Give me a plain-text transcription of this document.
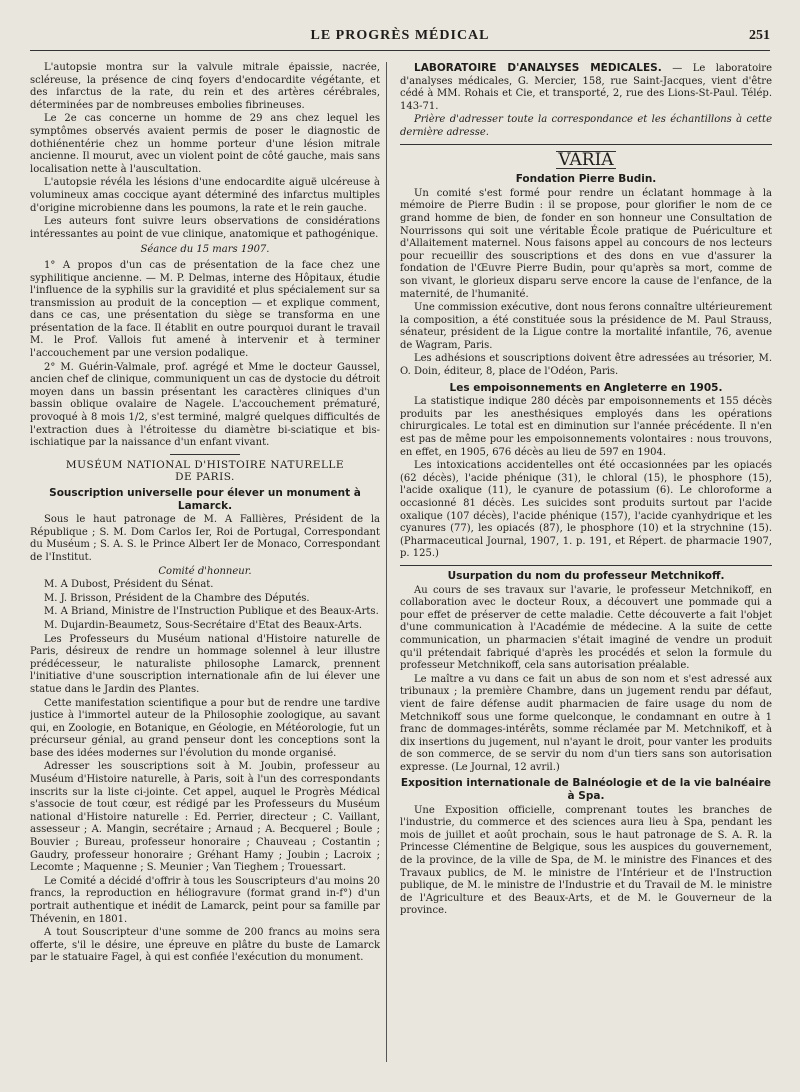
LE PROGRÈS MÉDICAL	251

L'autopsie montra sur la valvule mitrale épaissie, nacrée, scléreuse, la présence de cinq foyers d'endocardite végétante, et des infarctus de la rate, du rein et des artères cérébrales, déterminées par de nombreuses embolies fibrineuses.

Le 2e cas concerne un homme de 29 ans chez lequel les symptômes observés avaient permis de poser le diagnostic de dothiénentérie chez un homme porteur d'une lésion mitrale ancienne. Il mourut, avec un violent point de côté gauche, mais sans localisation nette à l'auscultation.

L'autopsie révéla les lésions d'une endocardite aiguë ulcéreuse à volumineux amas coccique ayant déterminé des infarctus multiples d'origine microbienne dans les poumons, la rate et le rein gauche.

Les auteurs font suivre leurs observations de considérations intéressantes au point de vue clinique, anatomique et pathogénique.

Séance du 15 mars 1907.

1° A propos d'un cas de présentation de la face chez une syphilitique ancienne. — M. P. Delmas, interne des Hôpitaux, étudie l'influence de la syphilis sur la gravidité et plus spécialement sur sa transmission au produit de la conception — et explique comment, dans ce cas, une présentation du siège se transforma en une présentation de la face. Il établit en outre pourquoi durant le travail M. le Prof. Vallois fut amené à intervenir et à terminer l'accouchement par une version podalique.

2° M. Guérin-Valmale, prof. agrégé et Mme le docteur Gaussel, ancien chef de clinique, communiquent un cas de dystocie du détroit moyen dans un bassin présentant les caractères cliniques d'un bassin oblique ovalaire de Nagele. L'accouchement prématuré, provoqué à 8 mois 1/2, s'est terminé, malgré quelques difficultés de l'extraction dues à l'étroitesse du diamètre bi-sciatique et bis-ischiatique par la naissance d'un enfant vivant.

MUSÉUM NATIONAL D'HISTOIRE NATURELLE
DE PARIS.
Souscription universelle pour élever un monument à Lamarck.

Sous le haut patronage de M. A Fallières, Président de la République ; S. M. Dom Carlos Ier, Roi de Portugal, Correspondant du Muséum ; S. A. S. le Prince Albert Ier de Monaco, Correspondant de l'Institut.

Comité d'honneur.

M. A Dubost, Président du Sénat.

M. J. Brisson, Président de la Chambre des Députés.

M. A Briand, Ministre de l'Instruction Publique et des Beaux-Arts.

M. Dujardin-Beaumetz, Sous-Secrétaire d'Etat des Beaux-Arts.

Les Professeurs du Muséum national d'Histoire naturelle de Paris, désireux de rendre un hommage solennel à leur illustre prédécesseur, le naturaliste philosophe Lamarck, prennent l'initiative d'une souscription internationale afin de lui élever une statue dans le Jardin des Plantes.

Cette manifestation scientifique a pour but de rendre une tardive justice à l'immortel auteur de la Philosophie zoologique, au savant qui, en Zoologie, en Botanique, en Géologie, en Météorologie, fut un précurseur génial, au grand penseur dont les conceptions sont la base des idées modernes sur l'évolution du monde organisé.

Adresser les souscriptions soit à M. Joubin, professeur au Muséum d'Histoire naturelle, à Paris, soit à l'un des correspondants inscrits sur la liste ci-jointe. Cet appel, auquel le Progrès Médical s'associe de tout cœur, est rédigé par les Professeurs du Muséum national d'Histoire naturelle : Ed. Perrier, directeur ; C. Vaillant, assesseur ; A. Mangin, secrétaire ; Arnaud ; A. Becquerel ; Boule ; Bouvier ; Bureau, professeur honoraire ; Chauveau ; Costantin ; Gaudry, professeur honoraire ; Gréhant Hamy ; Joubin ; Lacroix ; Lecomte ; Maquenne ; S. Meunier ; Van Tieghem ; Trouessart.

Le Comité a décidé d'offrir à tous les Souscripteurs d'au moins 20 francs, la reproduction en héliogravure (format grand in-f°) d'un portrait authentique et inédit de Lamarck, peint pour sa famille par Thévenin, en 1801.

A tout Souscripteur d'une somme de 200 francs au moins sera offerte, s'il le désire, une épreuve en plâtre du buste de Lamarck par le statuaire Fagel, à qui est confiée l'exécution du monument.

LABORATOIRE D'ANALYSES MÉDICALES. — Le laboratoire d'analyses médicales, G. Mercier, 158, rue Saint-Jacques, vient d'être cédé à MM. Rohais et Cie, et transporté, 2, rue des Lions-St-Paul. Télép. 143-71.

Prière d'adresser toute la correspondance et les échantillons à cette dernière adresse.

VARIA
Fondation Pierre Budin.

Un comité s'est formé pour rendre un éclatant hommage à la mémoire de Pierre Budin : il se propose, pour glorifier le nom de ce grand homme de bien, de fonder en son honneur une Consultation de Nourrissons qui soit une véritable École pratique de Puériculture et d'Allaitement maternel. Nous faisons appel au concours de nos lecteurs pour recueillir des souscriptions et des dons en vue d'assurer la fondation de l'Œuvre Pierre Budin, pour qu'après sa mort, comme de son vivant, le glorieux disparu serve encore la cause de l'enfance, de la maternité, de l'humanité.

Une commission exécutive, dont nous ferons connaître ultérieurement la composition, a été constituée sous la présidence de M. Paul Strauss, sénateur, président de la Ligue contre la mortalité infantile, 76, avenue de Wagram, Paris.

Les adhésions et souscriptions doivent être adressées au trésorier, M. O. Doin, éditeur, 8, place de l'Odéon, Paris.

Les empoisonnements en Angleterre en 1905.

La statistique indique 280 décès par empoisonnements et 155 décès produits par les anesthésiques employés dans les opérations chirurgicales. Le total est en diminution sur l'année précédente. Il n'en est pas de même pour les empoisonnements volontaires : nous trouvons, en effet, en 1905, 676 décès au lieu de 597 en 1904.

Les intoxications accidentelles ont été occasionnées par les opiacés (62 décès), l'acide phénique (31), le chloral (15), le phosphore (15), l'acide oxalique (11), le cyanure de potassium (6). Le chloroforme a occasionné 81 décès. Les suicides sont produits surtout par l'acide oxalique (107 décès), l'acide phénique (157), l'acide cyanhydrique et les cyanures (77), les opiacés (87), le phosphore (10) et la strychnine (15). (Pharmaceutical Journal, 1907, 1. p. 191, et Répert. de pharmacie 1907, p. 125.)

Usurpation du nom du professeur Metchnikoff.

Au cours de ses travaux sur l'avarie, le professeur Metchnikoff, en collaboration avec le docteur Roux, a découvert une pommade qui a pour effet de préserver de cette maladie. Cette découverte a fait l'objet d'une communication à l'Académie de médecine. A la suite de cette communication, un pharmacien s'était imaginé de vendre un produit qu'il prétendait fabriqué d'après les procédés et selon la formule du professeur Metchnikoff, cela sans autorisation préalable.

Le maître a vu dans ce fait un abus de son nom et s'est adressé aux tribunaux ; la première Chambre, dans un jugement rendu par défaut, vient de faire défense audit pharmacien de faire usage du nom de Metchnikoff sous une forme quelconque, le condamnant en outre à 1 franc de dommages-intérêts, somme réclamée par M. Metchnikoff, et à dix insertions du jugement, nul n'ayant le droit, pour vanter les produits de son commerce, de se servir du nom d'un tiers sans son autorisation expresse. (Le Journal, 12 avril.)

Exposition internationale de Balnéologie et de la vie balnéaire à Spa.

Une Exposition officielle, comprenant toutes les branches de l'industrie, du commerce et des sciences aura lieu à Spa, pendant les mois de juillet et août prochain, sous le haut patronage de S. A. R. la Princesse Clémentine de Belgique, sous les auspices du gouvernement, de la province, de la ville de Spa, de M. le ministre des Finances et des Travaux publics, de M. le ministre de l'Intérieur et de l'Instruction publique, de M. le ministre de l'Industrie et du Travail de M. le ministre de l'Agriculture et des Beaux-Arts, et de M. le Gouverneur de la province.
